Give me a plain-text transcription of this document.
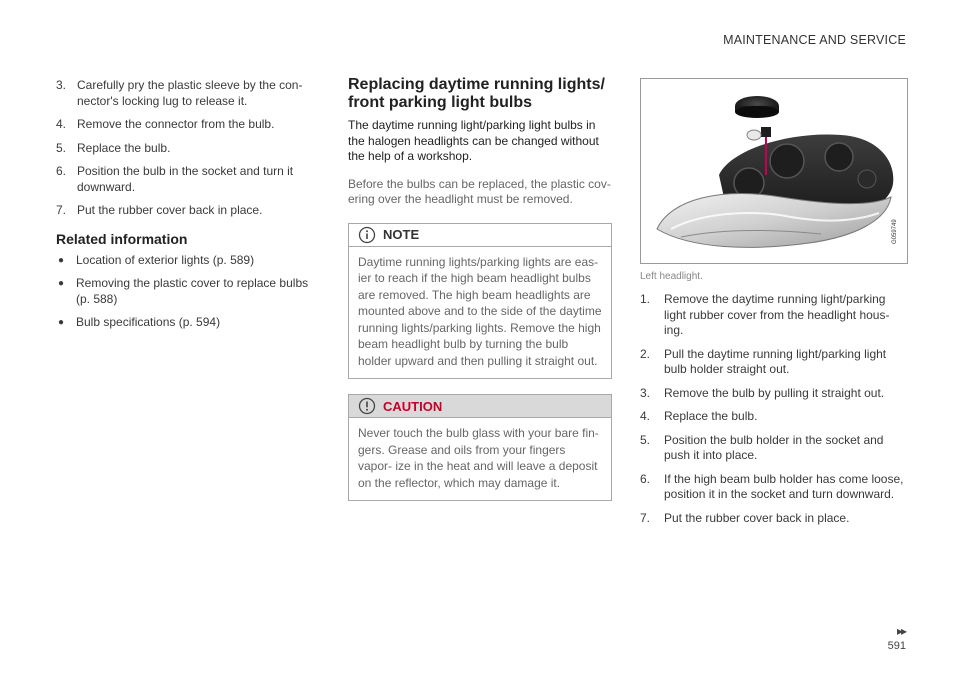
MAINTENANCE AND SERVICE
3. Carefully pry the plastic sleeve by the con- nector's locking lug to release it.
4. Remove the connector from the bulb.
5. Replace the bulb.
6. Position the bulb in the socket and turn it downward.
7. Put the rubber cover back in place.
Related information
● Location of exterior lights (p. 589)
● Removing the plastic cover to replace bulbs (p. 588)
● Bulb specifications (p. 594)
Replacing daytime running lights/ front parking light bulbs

The daytime running light/parking light bulbs in the halogen headlights can be changed without the help of a workshop.

Before the bulbs can be replaced, the plastic cov- ering over the headlight must be removed.

NOTE
Daytime running lights/parking lights are eas- ier to reach if the high beam headlight bulbs are removed. The high beam headlights are mounted above and to the side of the daytime running lights/parking lights. Remove the high beam headlight bulb by turning the bulb holder upward and then pulling it straight out.
CAUTION
Never touch the bulb glass with your bare fin- gers. Grease and oils from your fingers vapor- ize in the heat and will leave a deposit on the reflector, which may damage it.
G059749
Left headlight.
1. Remove the daytime running light/parking light rubber cover from the headlight hous- ing.
2. Pull the daytime running light/parking light bulb holder straight out.
3. Remove the bulb by pulling it straight out.
4. Replace the bulb.
5. Position the bulb holder in the socket and push it into place.
6. If the high beam bulb holder has come loose, position it in the socket and turn downward.
7. Put the rubber cover back in place.
▸▸
591
